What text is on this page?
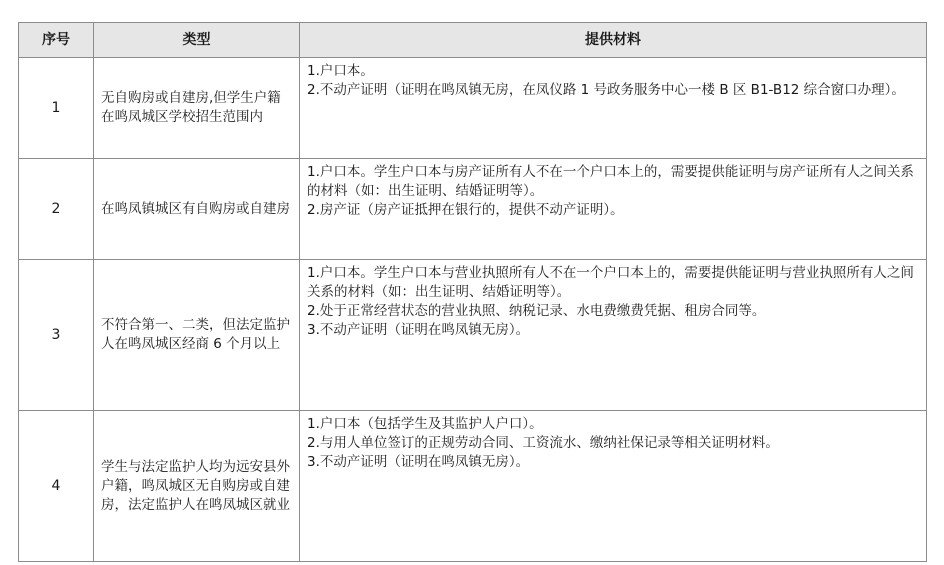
序号	类型	提供材料
1	无自购房或自建房,但学生户籍在鸣凤城区学校招生范围内	1.户口本。
2.不动产证明（证明在鸣凤镇无房，在凤仪路 1 号政务服务中心一楼 B 区 B1-B12 综合窗口办理）。

2	在鸣凤镇城区有自购房或自建房	1.户口本。学生户口本与房产证所有人不在一个户口本上的，需要提供能证明与房产证所有人之间关系的材料（如：出生证明、结婚证明等）。
2.房产证（房产证抵押在银行的，提供不动产证明）。

3	不符合第一、二类，但法定监护人在鸣凤城区经商 6 个月以上	1.户口本。学生户口本与营业执照所有人不在一个户口本上的，需要提供能证明与营业执照所有人之间关系的材料（如：出生证明、结婚证明等）。
2.处于正常经营状态的营业执照、纳税记录、水电费缴费凭据、租房合同等。
3.不动产证明（证明在鸣凤镇无房）。

4	学生与法定监护人均为远安县外户籍，鸣凤城区无自购房或自建房，法定监护人在鸣凤城区就业	1.户口本（包括学生及其监护人户口）。
2.与用人单位签订的正规劳动合同、工资流水、缴纳社保记录等相关证明材料。
3.不动产证明（证明在鸣凤镇无房）。
